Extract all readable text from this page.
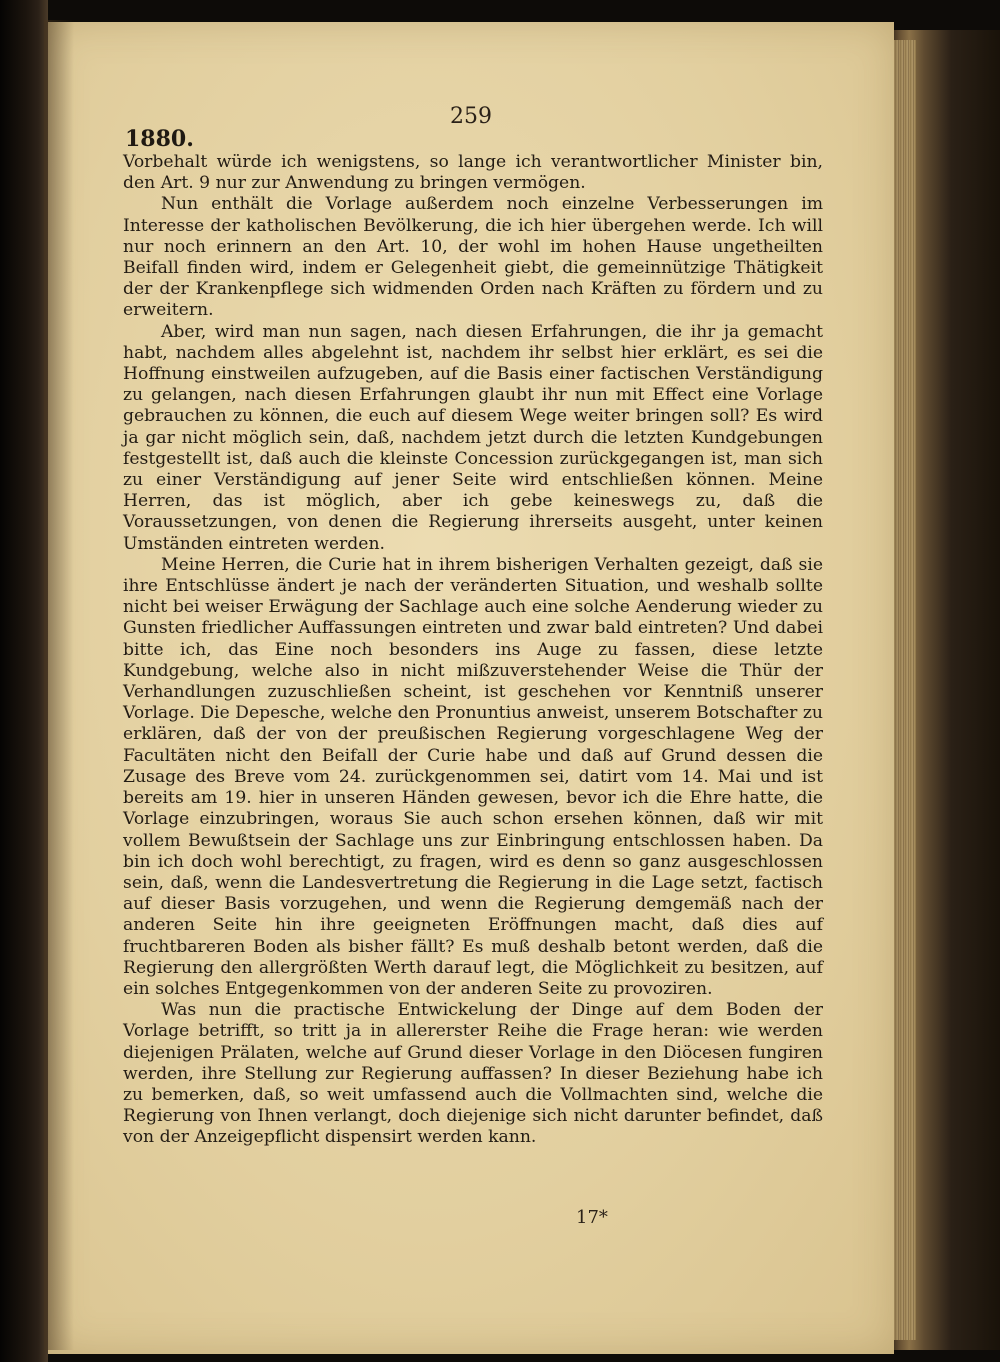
259
1880.

Vorbehalt würde ich wenigstens, so lange ich verantwortlicher Minister bin, den Art. 9 nur zur Anwendung zu bringen vermögen.

Nun enthält die Vorlage außerdem noch einzelne Verbesserungen im Interesse der katholischen Bevölkerung, die ich hier übergehen werde. Ich will nur noch erinnern an den Art. 10, der wohl im hohen Hause ungetheilten Beifall finden wird, indem er Gelegenheit giebt, die gemeinnützige Thätigkeit der der Krankenpflege sich widmenden Orden nach Kräften zu fördern und zu erweitern.

Aber, wird man nun sagen, nach diesen Erfahrungen, die ihr ja gemacht habt, nachdem alles abgelehnt ist, nachdem ihr selbst hier erklärt, es sei die Hoffnung einstweilen aufzugeben, auf die Basis einer factischen Verständigung zu gelangen, nach diesen Erfahrungen glaubt ihr nun mit Effect eine Vorlage gebrauchen zu können, die euch auf diesem Wege weiter bringen soll? Es wird ja gar nicht möglich sein, daß, nachdem jetzt durch die letzten Kundgebungen festgestellt ist, daß auch die kleinste Concession zurückgegangen ist, man sich zu einer Verständigung auf jener Seite wird entschließen können. Meine Herren, das ist möglich, aber ich gebe keineswegs zu, daß die Voraussetzungen, von denen die Regierung ihrerseits ausgeht, unter keinen Umständen eintreten werden.

Meine Herren, die Curie hat in ihrem bisherigen Verhalten gezeigt, daß sie ihre Entschlüsse ändert je nach der veränderten Situation, und weshalb sollte nicht bei weiser Erwägung der Sachlage auch eine solche Aenderung wieder zu Gunsten friedlicher Auffassungen eintreten und zwar bald eintreten? Und dabei bitte ich, das Eine noch besonders ins Auge zu fassen, diese letzte Kundgebung, welche also in nicht mißzuverstehender Weise die Thür der Verhandlungen zuzuschließen scheint, ist geschehen vor Kenntniß unserer Vorlage. Die Depesche, welche den Pronuntius anweist, unserem Botschafter zu erklären, daß der von der preußischen Regierung vorgeschlagene Weg der Facultäten nicht den Beifall der Curie habe und daß auf Grund dessen die Zusage des Breve vom 24. zurückgenommen sei, datirt vom 14. Mai und ist bereits am 19. hier in unseren Händen gewesen, bevor ich die Ehre hatte, die Vorlage einzubringen, woraus Sie auch schon ersehen können, daß wir mit vollem Bewußtsein der Sachlage uns zur Einbringung entschlossen haben. Da bin ich doch wohl berechtigt, zu fragen, wird es denn so ganz ausgeschlossen sein, daß, wenn die Landesvertretung die Regierung in die Lage setzt, factisch auf dieser Basis vorzugehen, und wenn die Regierung demgemäß nach der anderen Seite hin ihre geeigneten Eröffnungen macht, daß dies auf fruchtbareren Boden als bisher fällt? Es muß deshalb betont werden, daß die Regierung den allergrößten Werth darauf legt, die Möglichkeit zu besitzen, auf ein solches Entgegenkommen von der anderen Seite zu provoziren.

Was nun die practische Entwickelung der Dinge auf dem Boden der Vorlage betrifft, so tritt ja in allererster Reihe die Frage heran: wie werden diejenigen Prälaten, welche auf Grund dieser Vorlage in den Diöcesen fungiren werden, ihre Stellung zur Regierung auffassen? In dieser Beziehung habe ich zu bemerken, daß, so weit umfassend auch die Vollmachten sind, welche die Regierung von Ihnen verlangt, doch diejenige sich nicht darunter befindet, daß von der Anzeigepflicht dispensirt werden kann.

17*
